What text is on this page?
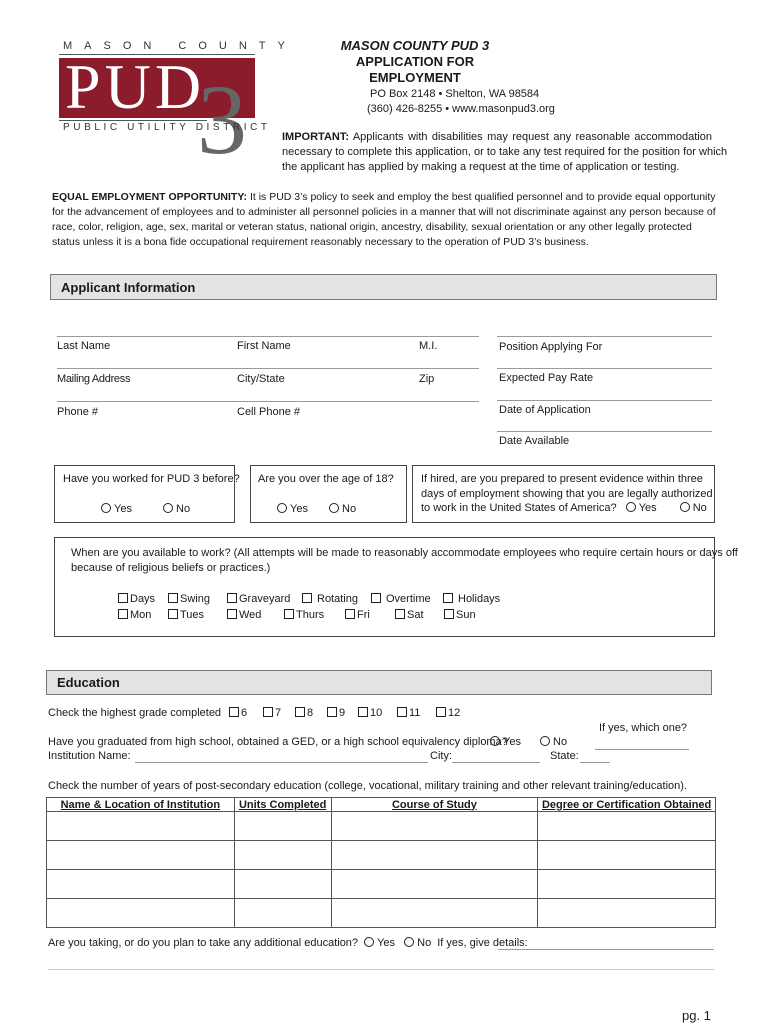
MASON COUNTY
PUD
3
PUBLIC UTILITY DISTRICT
MASON COUNTY PUD 3
APPLICATION FOR
EMPLOYMENT
PO Box 2148 • Shelton, WA 98584
(360) 426-8255 • www.masonpud3.org
IMPORTANT: Applicants with disabilities may request any reasonable accommodation
necessary to complete this application, or to take any test required for the position for which
the applicant has applied by making a request at the time of application or testing.
EQUAL EMPLOYMENT OPPORTUNITY: It is PUD 3’s policy to seek and employ the best qualified personnel and to provide equal opportunity
for the advancement of employees and to administer all personnel policies in a manner that will not discriminate against any person because of
race, color, religion, age, sex, marital or veteran status, national origin, ancestry, disability, sexual orientation or any other legally protected
status unless it is a bona fide occupational requirement reasonably necessary to the operation of PUD 3’s business.
Applicant Information
Last Name	First Name	M.I.	Position Applying For
Mailing Address	City/State	Zip	Expected Pay Rate
Phone #	Cell Phone #	Date of Application
Date Available
Have you worked for PUD 3 before?
Yes	No
Are you over the age of 18?
Yes	No
If hired, are you prepared to present evidence within three
days of employment showing that you are legally authorized
to work in the United States of America? Yes	No
When are you available to work? (All attempts will be made to reasonably accommodate employees who require certain hours or days off
because of religious beliefs or practices.)
Days	Swing	Graveyard	Rotating	Overtime	Holidays
Mon	Tues	Wed	Thurs	Fri	Sat	Sun
Education
Check the highest grade completed	6	7	8	9	10	11	12
If yes, which one?
Have you graduated from high school, obtained a GED, or a high school equivalency diploma?
Yes	No
Institution Name:	City:	State:
Check the number of years of post-secondary education (college, vocational, military training and other relevant training/education).
Name & Location of Institution	Units Completed	Course of Study	Degree or Certification Obtained

Are you taking, or do you plan to take any additional education? Yes No If yes, give details:
pg. 1
